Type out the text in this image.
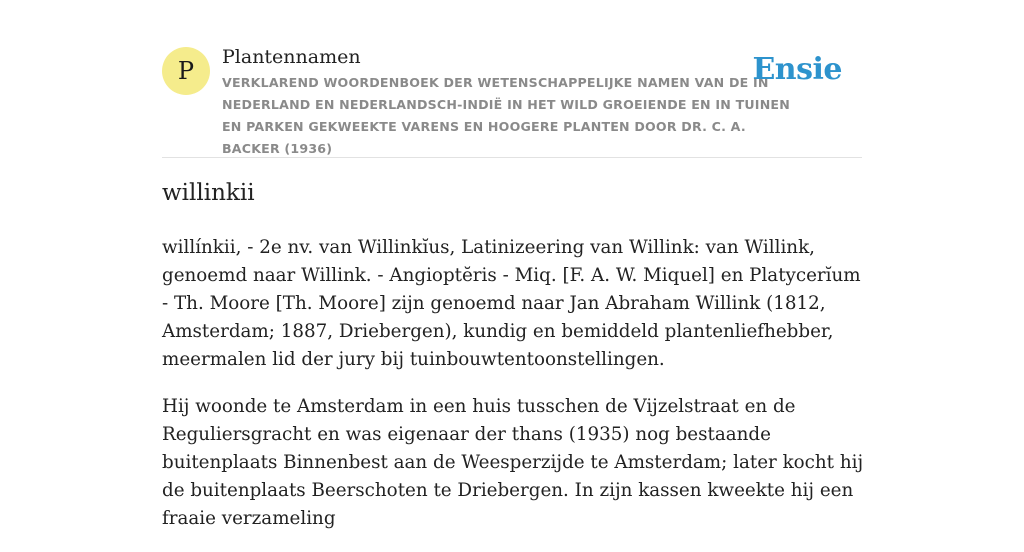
P	Plantennamen
VERKLAREND WOORDENBOEK DER WETENSCHAPPELIJKE NAMEN VAN DE IN NEDERLAND EN NEDERLANDSCH-INDIË IN HET WILD GROEIENDE EN IN TUINEN EN PARKEN GEKWEEKTE VARENS EN HOOGERE PLANTEN DOOR DR. C. A. BACKER (1936)
Ensie
willinkii

willínkii, - 2e nv. van Willinkĭus, Latinizeering van Willink: van Willink, genoemd naar Willink. - Angioptĕris - Miq. [F. A. W. Miquel] en Platycerĭum - Th. Moore [Th. Moore] zijn genoemd naar Jan Abraham Willink (1812, Amsterdam; 1887, Driebergen), kundig en bemiddeld plantenliefhebber, meermalen lid der jury bij tuinbouwtentoonstellingen.

Hij woonde te Amsterdam in een huis tusschen de Vijzelstraat en de Reguliersgracht en was eigenaar der thans (1935) nog bestaande buitenplaats Binnenbest aan de Weesperzijde te Amsterdam; later kocht hij de buitenplaats Beerschoten te Driebergen. In zijn kassen kweekte hij een fraaie verzameling
